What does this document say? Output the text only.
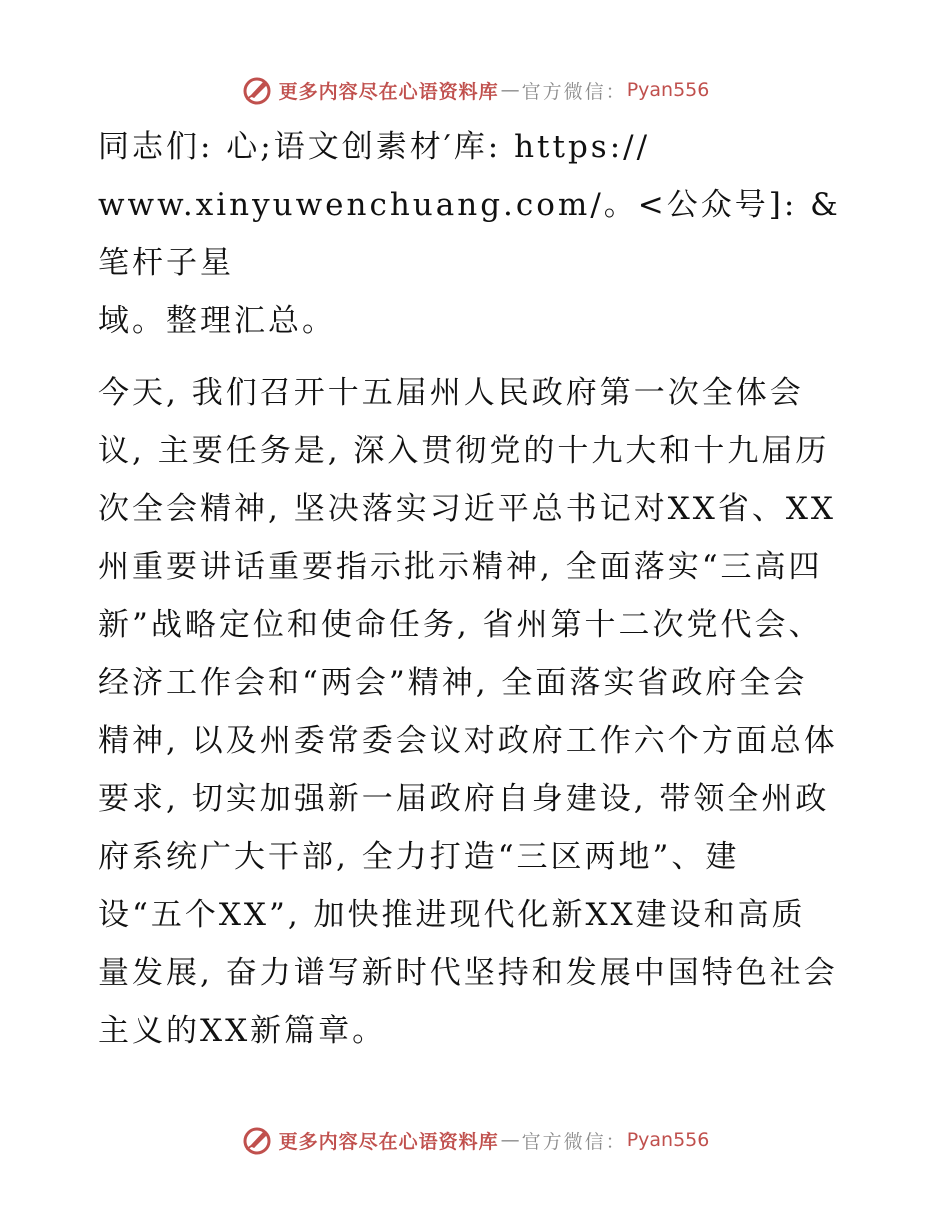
更多内容尽在心语资料库 — 官方微信： Pyan556

同志们: 心;语文创素材′库: https://
www.xinyuwenchuang.com/。<公众号]: &笔杆子星
域。整理汇总。

今天, 我们召开十五届州人民政府第一次全体会
议, 主要任务是, 深入贯彻党的十九大和十九届历
次全会精神, 坚决落实习近平总书记对XX省、XX
州重要讲话重要指示批示精神, 全面落实“三高四
新”战略定位和使命任务, 省州第十二次党代会、
经济工作会和“两会”精神, 全面落实省政府全会
精神, 以及州委常委会议对政府工作六个方面总体
要求, 切实加强新一届政府自身建设, 带领全州政
府系统广大干部, 全力打造“三区两地”、建
设“五个XX”, 加快推进现代化新XX建设和高质
量发展, 奋力谱写新时代坚持和发展中国特色社会
主义的XX新篇章。

更多内容尽在心语资料库 — 官方微信： Pyan556
